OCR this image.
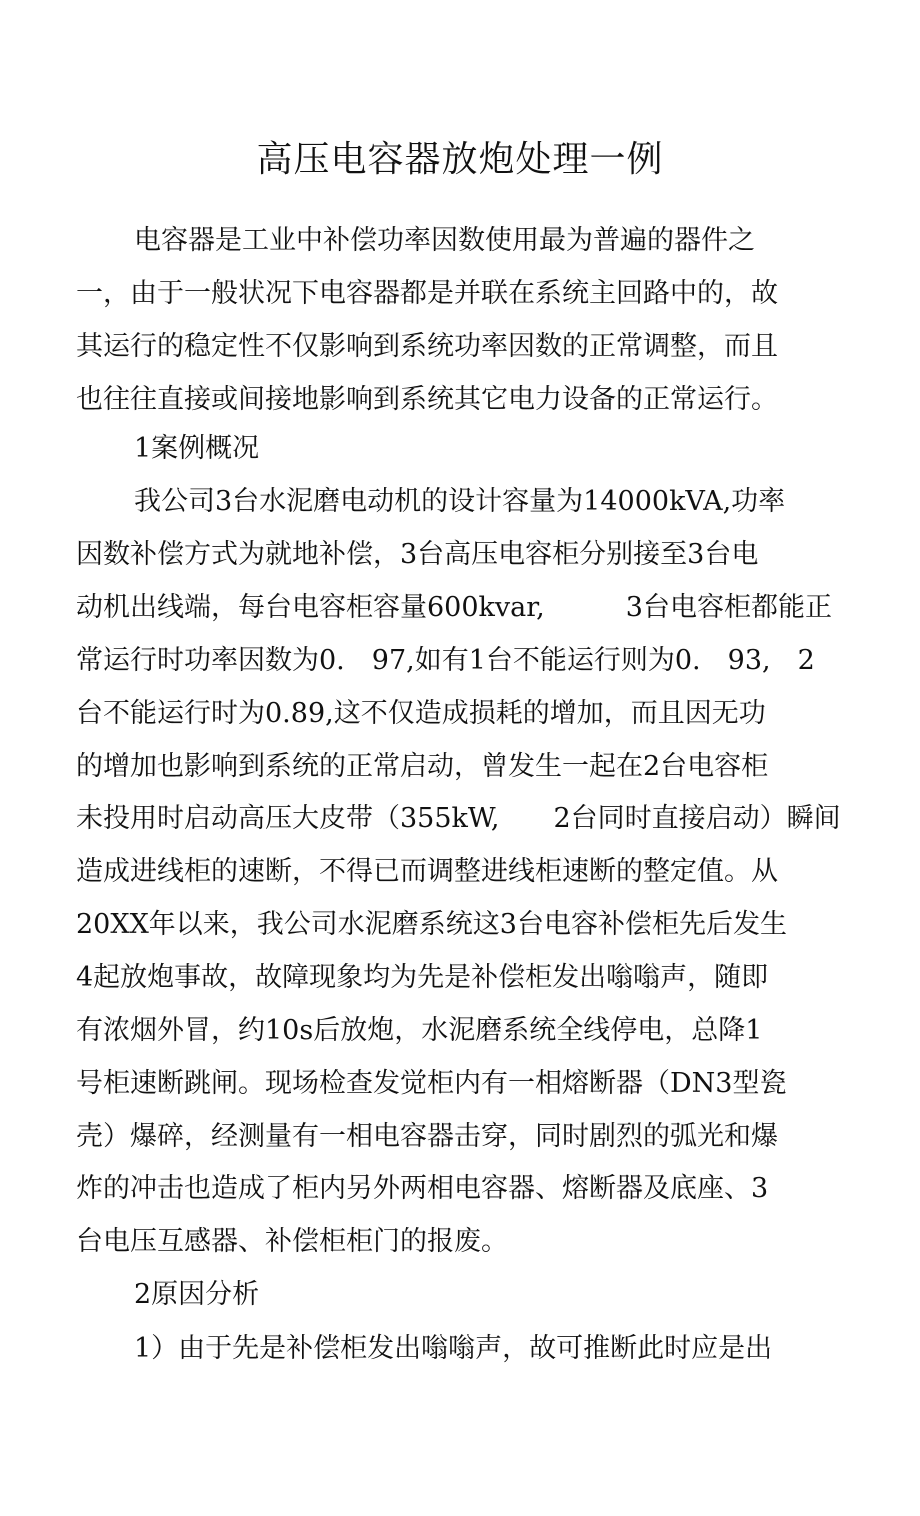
高压电容器放炮处理一例
电容器是工业中补偿功率因数使用最为普遍的器件之
一，由于一般状况下电容器都是并联在系统主回路中的，故
其运行的稳定性不仅影响到系统功率因数的正常调整，而且
也往往直接或间接地影响到系统其它电力设备的正常运行。
1案例概况
我公司3台水泥磨电动机的设计容量为14000kVA,功率
因数补偿方式为就地补偿，3台高压电容柜分别接至3台电
动机出线端，每台电容柜容量600kvar,　　　3台电容柜都能正
常运行时功率因数为0.　97,如有1台不能运行则为0.　93,　2
台不能运行时为0.89,这不仅造成损耗的增加，而且因无功
的增加也影响到系统的正常启动，曾发生一起在2台电容柜
未投用时启动高压大皮带（355kW,　　2台同时直接启动）瞬间
造成进线柜的速断，不得已而调整进线柜速断的整定值。从
20XX年以来，我公司水泥磨系统这3台电容补偿柜先后发生
4起放炮事故，故障现象均为先是补偿柜发出嗡嗡声，随即
有浓烟外冒，约10s后放炮，水泥磨系统全线停电，总降1
号柜速断跳闸。现场检查发觉柜内有一相熔断器（DN3型瓷
壳）爆碎，经测量有一相电容器击穿，同时剧烈的弧光和爆
炸的冲击也造成了柜内另外两相电容器、熔断器及底座、3
台电压互感器、补偿柜柜门的报废。
2原因分析
1）由于先是补偿柜发出嗡嗡声，故可推断此时应是出
